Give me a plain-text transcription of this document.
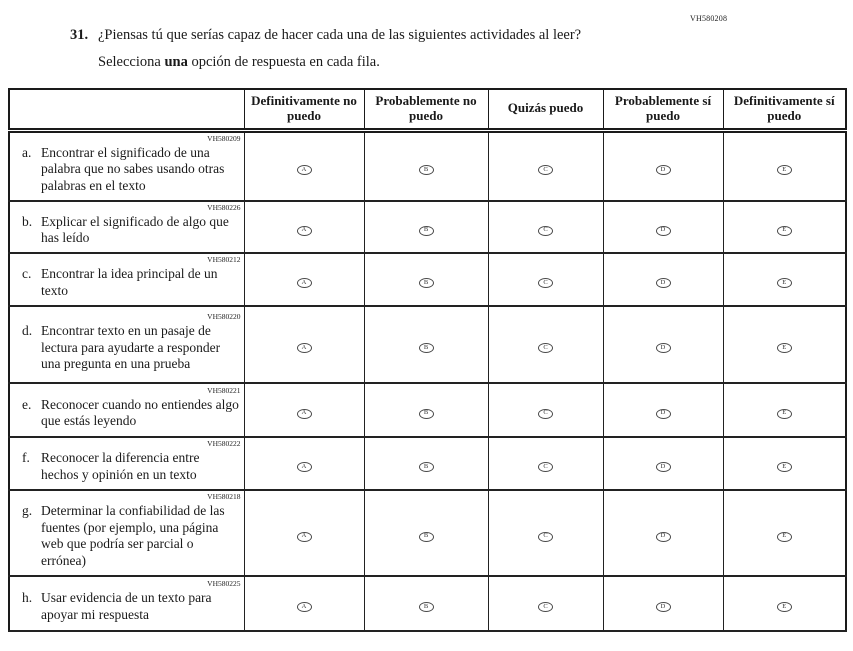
VH580208
31. ¿Piensas tú que serías capaz de hacer cada una de las siguientes actividades al leer?
Selecciona una opción de respuesta en cada fila.
	Definitivamente no puedo	Probablemente no puedo	Quizás puedo	Probablemente sí puedo	Definitivamente sí puedo

VH580209
a. Encontrar el significado de una palabra que no sabes usando otras palabras en el texto	A	B	C	D	E

VH580226
b. Explicar el significado de algo que has leído	A	B	C	D	E

VH580212
c. Encontrar la idea principal de un texto	A	B	C	D	E

VH580220
d. Encontrar texto en un pasaje de lectura para ayudarte a responder una pregunta en una prueba	A	B	C	D	E

VH580221
e. Reconocer cuando no entiendes algo que estás leyendo	A	B	C	D	E

VH580222
f. Reconocer la diferencia entre hechos y opinión en un texto	A	B	C	D	E

VH580218
g. Determinar la confiabilidad de las fuentes (por ejemplo, una página web que podría ser parcial o errónea)	A	B	C	D	E

VH580225
h. Usar evidencia de un texto para apoyar mi respuesta	A	B	C	D	E
